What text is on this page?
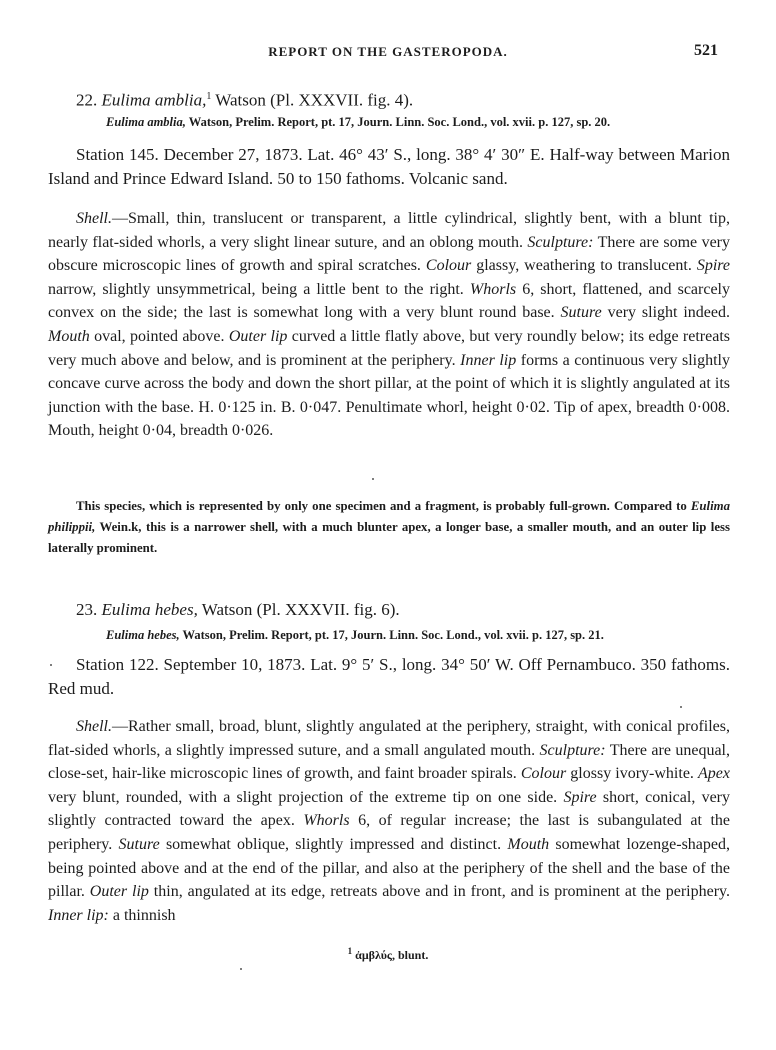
REPORT ON THE GASTEROPODA.	521
22. Eulima amblia,$^1$ Watson (Pl. XXXVII. fig. 4).
Eulima amblia, Watson, Prelim. Report, pt. 17, Journ. Linn. Soc. Lond., vol. xvii. p. 127, sp. 20.

Station 145. December 27, 1873. Lat. 46° 43′ S., long. 38° 4′ 30″ E. Half-way between Marion Island and Prince Edward Island. 50 to 150 fathoms. Volcanic sand.

Shell.—Small, thin, translucent or transparent, a little cylindrical, slightly bent, with a blunt tip, nearly flat-sided whorls, a very slight linear suture, and an oblong mouth. Sculpture: There are some very obscure microscopic lines of growth and spiral scratches. Colour glassy, weathering to translucent. Spire narrow, slightly unsymmetrical, being a little bent to the right. Whorls 6, short, flattened, and scarcely convex on the side; the last is somewhat long with a very blunt round base. Suture very slight indeed. Mouth oval, pointed above. Outer lip curved a little flatly above, but very roundly below; its edge retreats very much above and below, and is prominent at the periphery. Inner lip forms a continuous very slightly concave curve across the body and down the short pillar, at the point of which it is slightly angulated at its junction with the base. H. 0·125 in. B. 0·047. Penultimate whorl, height 0·02. Tip of apex, breadth 0·008. Mouth, height 0·04, breadth 0·026.

This species, which is represented by only one specimen and a fragment, is probably full-grown. Compared to Eulima philippii, Wein.k, this is a narrower shell, with a much blunter apex, a longer base, a smaller mouth, and an outer lip less laterally prominent.

23. Eulima hebes, Watson (Pl. XXXVII. fig. 6).
Eulima hebes, Watson, Prelim. Report, pt. 17, Journ. Linn. Soc. Lond., vol. xvii. p. 127, sp. 21.

Station 122. September 10, 1873. Lat. 9° 5′ S., long. 34° 50′ W. Off Pernambuco. 350 fathoms. Red mud.

Shell.—Rather small, broad, blunt, slightly angulated at the periphery, straight, with conical profiles, flat-sided whorls, a slightly impressed suture, and a small angulated mouth. Sculpture: There are unequal, close-set, hair-like microscopic lines of growth, and faint broader spirals. Colour glossy ivory-white. Apex very blunt, rounded, with a slight projection of the extreme tip on one side. Spire short, conical, very slightly contracted toward the apex. Whorls 6, of regular increase; the last is subangulated at the periphery. Suture somewhat oblique, slightly impressed and distinct. Mouth somewhat lozenge-shaped, being pointed above and at the end of the pillar, and also at the periphery of the shell and the base of the pillar. Outer lip thin, angulated at its edge, retreats above and in front, and is prominent at the periphery. Inner lip: a thinnish

$^1$ ἀμβλύς, blunt.
